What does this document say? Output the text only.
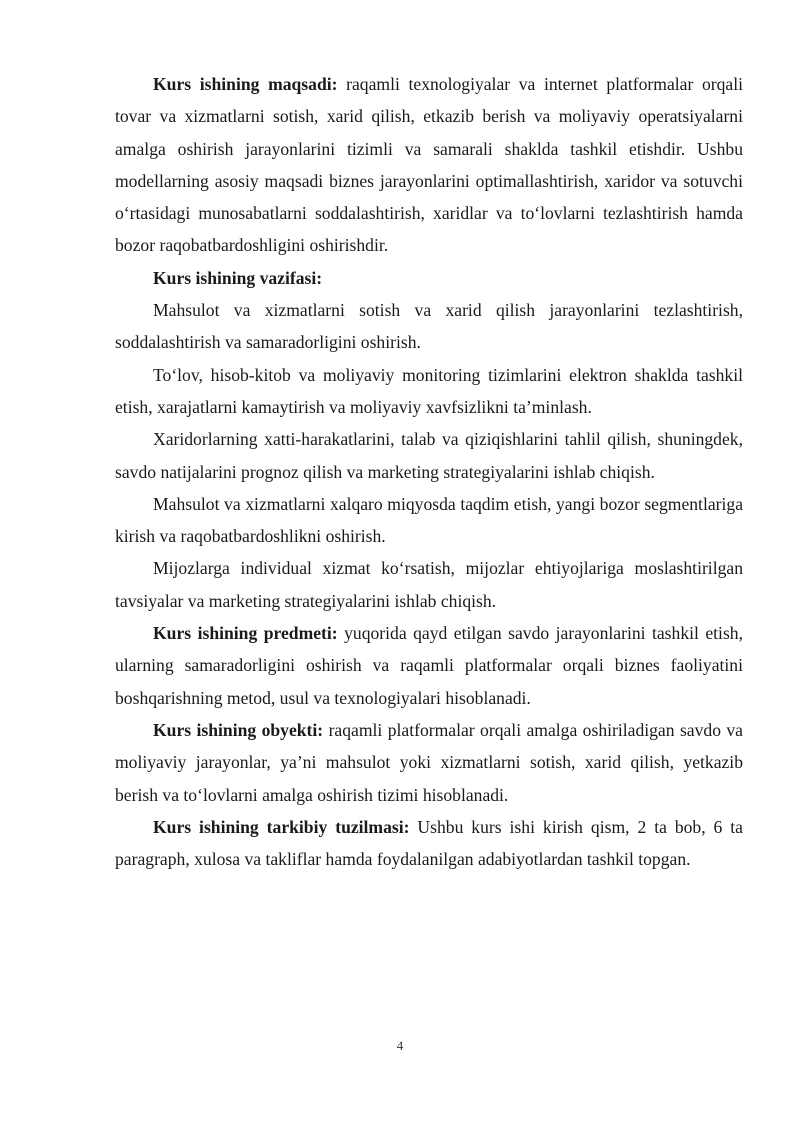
Kurs ishining maqsadi: raqamli texnologiyalar va internet platformalar orqali tovar va xizmatlarni sotish, xarid qilish, etkazib berish va moliyaviy operatsiyalarni amalga oshirish jarayonlarini tizimli va samarali shaklda tashkil etishdir. Ushbu modellarning asosiy maqsadi biznes jarayonlarini optimallashtirish, xaridor va sotuvchi o‘rtasidagi munosabatlarni soddalashtirish, xaridlar va to‘lovlarni tezlashtirish hamda bozor raqobatbardoshligini oshirishdir.

Kurs ishining vazifasi:

Mahsulot va xizmatlarni sotish va xarid qilish jarayonlarini tezlashtirish, soddalashtirish va samaradorligini oshirish.

To‘lov, hisob-kitob va moliyaviy monitoring tizimlarini elektron shaklda tashkil etish, xarajatlarni kamaytirish va moliyaviy xavfsizlikni ta’minlash.

Xaridorlarning xatti-harakatlarini, talab va qiziqishlarini tahlil qilish, shuningdek, savdo natijalarini prognoz qilish va marketing strategiyalarini ishlab chiqish.

Mahsulot va xizmatlarni xalqaro miqyosda taqdim etish, yangi bozor segmentlariga kirish va raqobatbardoshlikni oshirish.

Mijozlarga individual xizmat ko‘rsatish, mijozlar ehtiyojlariga moslashtirilgan tavsiyalar va marketing strategiyalarini ishlab chiqish.

Kurs ishining predmeti: yuqorida qayd etilgan savdo jarayonlarini tashkil etish, ularning samaradorligini oshirish va raqamli platformalar orqali biznes faoliyatini boshqarishning metod, usul va texnologiyalari hisoblanadi.

Kurs ishining obyekti: raqamli platformalar orqali amalga oshiriladigan savdo va moliyaviy jarayonlar, ya’ni mahsulot yoki xizmatlarni sotish, xarid qilish, yetkazib berish va to‘lovlarni amalga oshirish tizimi hisoblanadi.

Kurs ishining tarkibiy tuzilmasi: Ushbu kurs ishi kirish qism, 2 ta bob, 6 ta paragraph, xulosa va takliflar hamda foydalanilgan adabiyotlardan tashkil topgan.

4
